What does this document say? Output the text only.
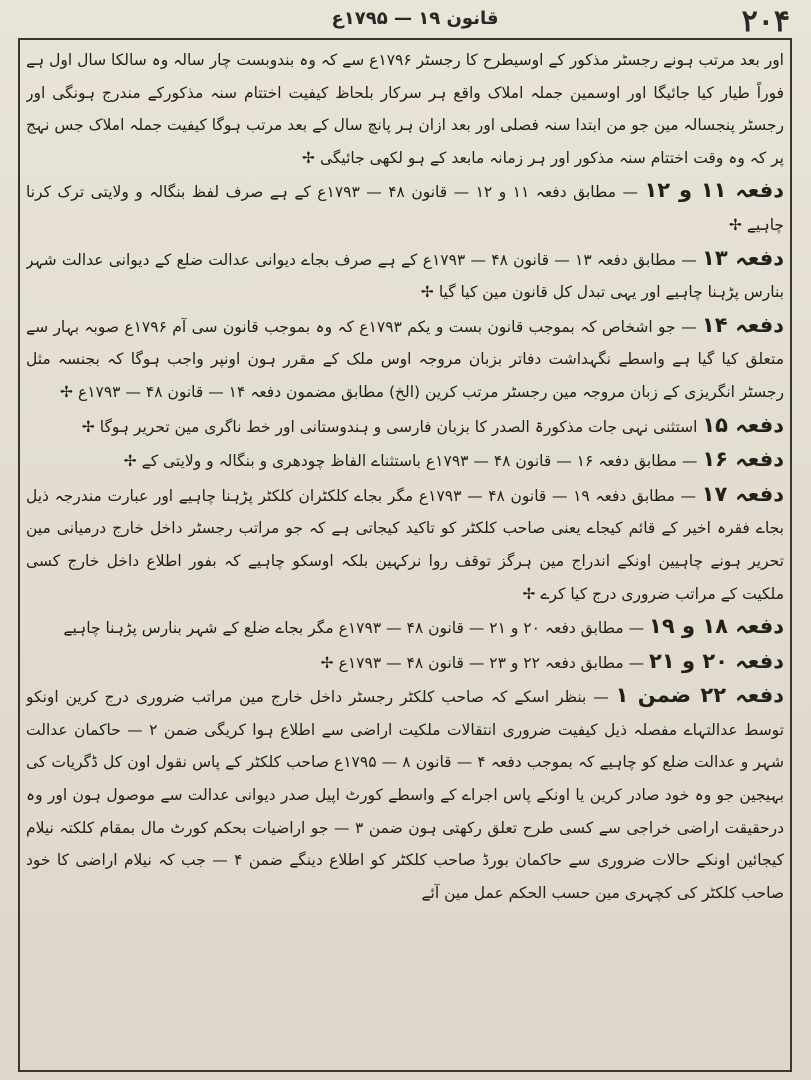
۲۰۴
قانون ۱۹ — ۱۷۹۵ع

اور بعد مرتب ہونے رجسٹر مذکور کے اوسیطرح کا رجسٹر ۱۷۹۶ع سے کہ وہ بندوبست چار سالہ وہ سالکا سال اول ہے فوراً طیار کیا جائیگا اور اوسمین جملہ املاک واقع ہر سرکار بلحاظ کیفیت اختتام سنہ مذکورکے مندرج ہونگی اور رجسٹر پنجسالہ مین جو من ابتدا سنہ فصلی اور بعد ازان ہر پانچ سال کے بعد مرتب ہوگا کیفیت جملہ املاک جس نہج پر کہ وہ وقت اختتام سنہ مذکور اور ہر زمانہ مابعد کے ہو لکھی جائیگی ✢

دفعہ ۱۱ و ۱۲ — مطابق دفعہ ۱۱ و ۱۲ — قانون ۴۸ — ۱۷۹۳ع کے ہے صرف لفظ بنگالہ و ولایتی ترک کرنا چاہیے ✢

دفعہ ۱۳ — مطابق دفعہ ۱۳ — قانون ۴۸ — ۱۷۹۳ع کے ہے صرف بجاے دیوانی عدالت ضلع کے دیوانی عدالت شہر بنارس پڑہنا چاہیے اور یہی تبدل کل قانون مین کیا گیا ✢

دفعہ ۱۴ — جو اشخاص کہ بموجب قانون بست و یکم ۱۷۹۳ع کہ وہ بموجب قانون سی آم ۱۷۹۶ع صوبہ بہار سے متعلق کیا گیا ہے واسطے نگہداشت دفاتر بزبان مروجہ اوس ملک کے مقرر ہون اونپر واجب ہوگا کہ بجنسہ مثل رجسٹر انگریزی کے زبان مروجہ مین رجسٹر مرتب کرین (الخ) مطابق مضمون دفعہ ۱۴ — قانون ۴۸ — ۱۷۹۳ع ✢

دفعہ ۱۵ استثنی نہی جات مذکورۃ الصدر کا بزبان فارسی و ہندوستانی اور خط ناگری مین تحریر ہوگا ✢

دفعہ ۱۶ — مطابق دفعہ ۱۶ — قانون ۴۸ — ۱۷۹۳ع باستثناے الفاظ چودھری و بنگالہ و ولایتی کے ✢

دفعہ ۱۷ — مطابق دفعہ ۱۹ — قانون ۴۸ — ۱۷۹۳ع مگر بجاے کلکٹران کلکٹر پڑہنا چاہیے اور عبارت مندرجہ ذیل بجاے فقرہ اخیر کے قائم کیجاے یعنی صاحب کلکٹر کو تاکید کیجاتی ہے کہ جو مراتب رجسٹر داخل خارج درمیانی مین تحریر ہونے چاہیین اونکے اندراج مین ہرگز توقف روا نرکہین بلکہ اوسکو چاہیے کہ بفور اطلاع داخل خارج کسی ملکیت کے مراتب ضروری درج کیا کرے ✢

دفعہ ۱۸ و ۱۹ — مطابق دفعہ ۲۰ و ۲۱ — قانون ۴۸ — ۱۷۹۳ع مگر بجاے ضلع کے شہر بنارس پڑہنا چاہیے

دفعہ ۲۰ و ۲۱ — مطابق دفعہ ۲۲ و ۲۳ — قانون ۴۸ — ۱۷۹۳ع ✢

دفعہ ۲۲ ضمن ۱ — بنظر اسکے کہ صاحب کلکٹر رجسٹر داخل خارج مین مراتب ضروری درج کرین اونکو توسط عدالتہاے مفصلہ ذیل کیفیت ضروری انتقالات ملکیت اراضی سے اطلاع ہوا کریگی ضمن ۲ — حاکمان عدالت شہر و عدالت ضلع کو چاہیے کہ بموجب دفعہ ۴ — قانون ۸ — ۱۷۹۵ع صاحب کلکٹر کے پاس نقول اون کل ڈگریات کی بہیجین جو وہ خود صادر کرین یا اونکے پاس اجراے کے واسطے کورٹ اپیل صدر دیوانی عدالت سے موصول ہون اور وہ درحقیقت اراضی خراجی سے کسی طرح تعلق رکھتی ہون ضمن ۳ — جو اراضیات بحکم کورٹ مال بمقام کلکتہ نیلام کیجائین اونکے حالات ضروری سے حاکمان بورڈ صاحب کلکٹر کو اطلاع دینگے ضمن ۴ — جب کہ نیلام اراضی کا خود صاحب کلکٹر کی کچہری مین حسب الحکم عمل مین آئے
